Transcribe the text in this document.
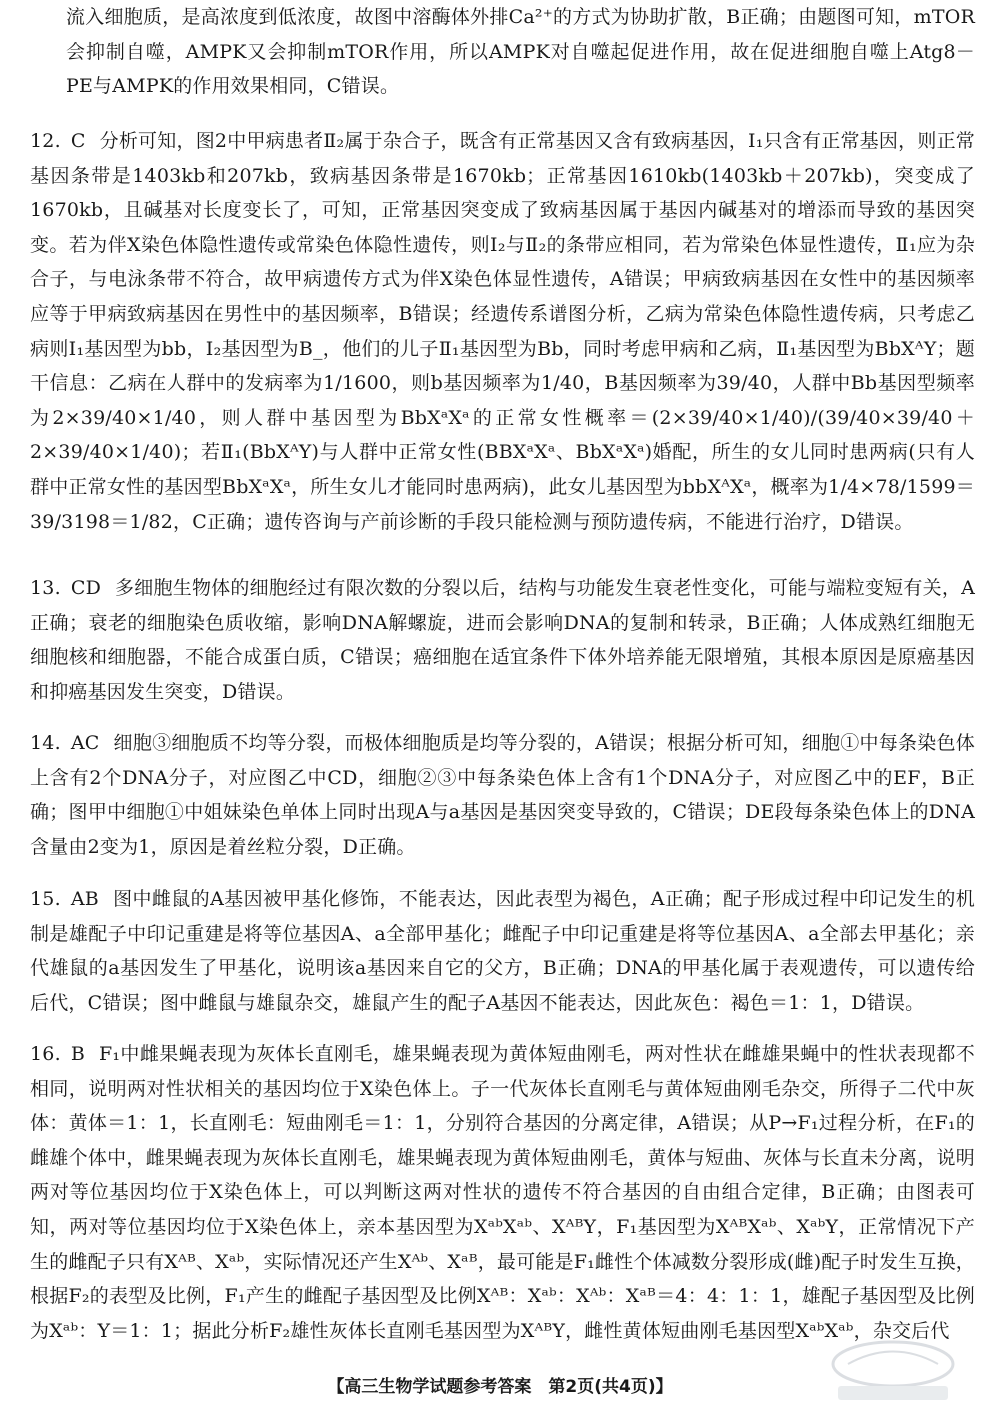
流入细胞质，是高浓度到低浓度，故图中溶酶体外排Ca²⁺的方式为协助扩散，B正确；由题图可知，mTOR会抑制自噬，AMPK又会抑制mTOR作用，所以AMPK对自噬起促进作用，故在促进细胞自噬上Atg8－PE与AMPK的作用效果相同，C错误。

12. C 分析可知，图2中甲病患者Ⅱ₂属于杂合子，既含有正常基因又含有致病基因，Ⅰ₁只含有正常基因，则正常基因条带是1403kb和207kb，致病基因条带是1670kb；正常基因1610kb(1403kb＋207kb)，突变成了1670kb，且碱基对长度变长了，可知，正常基因突变成了致病基因属于基因内碱基对的增添而导致的基因突变。若为伴X染色体隐性遗传或常染色体隐性遗传，则Ⅰ₂与Ⅱ₂的条带应相同，若为常染色体显性遗传，Ⅱ₁应为杂合子，与电泳条带不符合，故甲病遗传方式为伴X染色体显性遗传，A错误；甲病致病基因在女性中的基因频率应等于甲病致病基因在男性中的基因频率，B错误；经遗传系谱图分析，乙病为常染色体隐性遗传病，只考虑乙病则Ⅰ₁基因型为bb，Ⅰ₂基因型为B_，他们的儿子Ⅱ₁基因型为Bb，同时考虑甲病和乙病，Ⅱ₁基因型为BbXᴬY；题干信息：乙病在人群中的发病率为1/1600，则b基因频率为1/40，B基因频率为39/40，人群中Bb基因型频率为2×39/40×1/40，则人群中基因型为BbXᵃXᵃ的正常女性概率＝(2×39/40×1/40)/(39/40×39/40＋2×39/40×1/40)；若Ⅱ₁(BbXᴬY)与人群中正常女性(BBXᵃXᵃ、BbXᵃXᵃ)婚配，所生的女儿同时患两病(只有人群中正常女性的基因型BbXᵃXᵃ，所生女儿才能同时患两病)，此女儿基因型为bbXᴬXᵃ，概率为1/4×78/1599＝39/3198＝1/82，C正确；遗传咨询与产前诊断的手段只能检测与预防遗传病，不能进行治疗，D错误。

13. CD 多细胞生物体的细胞经过有限次数的分裂以后，结构与功能发生衰老性变化，可能与端粒变短有关，A正确；衰老的细胞染色质收缩，影响DNA解螺旋，进而会影响DNA的复制和转录，B正确；人体成熟红细胞无细胞核和细胞器，不能合成蛋白质，C错误；癌细胞在适宜条件下体外培养能无限增殖，其根本原因是原癌基因和抑癌基因发生突变，D错误。

14. AC 细胞③细胞质不均等分裂，而极体细胞质是均等分裂的，A错误；根据分析可知，细胞①中每条染色体上含有2个DNA分子，对应图乙中CD，细胞②③中每条染色体上含有1个DNA分子，对应图乙中的EF，B正确；图甲中细胞①中姐妹染色单体上同时出现A与a基因是基因突变导致的，C错误；DE段每条染色体上的DNA含量由2变为1，原因是着丝粒分裂，D正确。

15. AB 图中雌鼠的A基因被甲基化修饰，不能表达，因此表型为褐色，A正确；配子形成过程中印记发生的机制是雄配子中印记重建是将等位基因A、a全部甲基化；雌配子中印记重建是将等位基因A、a全部去甲基化；亲代雄鼠的a基因发生了甲基化，说明该a基因来自它的父方，B正确；DNA的甲基化属于表观遗传，可以遗传给后代，C错误；图中雌鼠与雄鼠杂交，雄鼠产生的配子A基因不能表达，因此灰色：褐色＝1：1，D错误。

16. B F₁中雌果蝇表现为灰体长直刚毛，雄果蝇表现为黄体短曲刚毛，两对性状在雌雄果蝇中的性状表现都不相同，说明两对性状相关的基因均位于X染色体上。子一代灰体长直刚毛与黄体短曲刚毛杂交，所得子二代中灰体：黄体＝1：1，长直刚毛：短曲刚毛＝1：1，分别符合基因的分离定律，A错误；从P→F₁过程分析，在F₁的雌雄个体中，雌果蝇表现为灰体长直刚毛，雄果蝇表现为黄体短曲刚毛，黄体与短曲、灰体与长直未分离，说明两对等位基因均位于X染色体上，可以判断这两对性状的遗传不符合基因的自由组合定律，B正确；由图表可知，两对等位基因均位于X染色体上，亲本基因型为XᵃᵇXᵃᵇ、XᴬᴮY，F₁基因型为XᴬᴮXᵃᵇ、XᵃᵇY，正常情况下产生的雌配子只有Xᴬᴮ、Xᵃᵇ，实际情况还产生Xᴬᵇ、Xᵃᴮ，最可能是F₁雌性个体减数分裂形成(雌)配子时发生互换，根据F₂的表型及比例，F₁产生的雌配子基因型及比例Xᴬᴮ：Xᵃᵇ：Xᴬᵇ：Xᵃᴮ＝4：4：1：1，雄配子基因型及比例为Xᵃᵇ：Y＝1：1；据此分析F₂雄性灰体长直刚毛基因型为XᴬᴮY，雌性黄体短曲刚毛基因型XᵃᵇXᵃᵇ，杂交后代

【高三生物学试题参考答案　第2页(共4页)】
